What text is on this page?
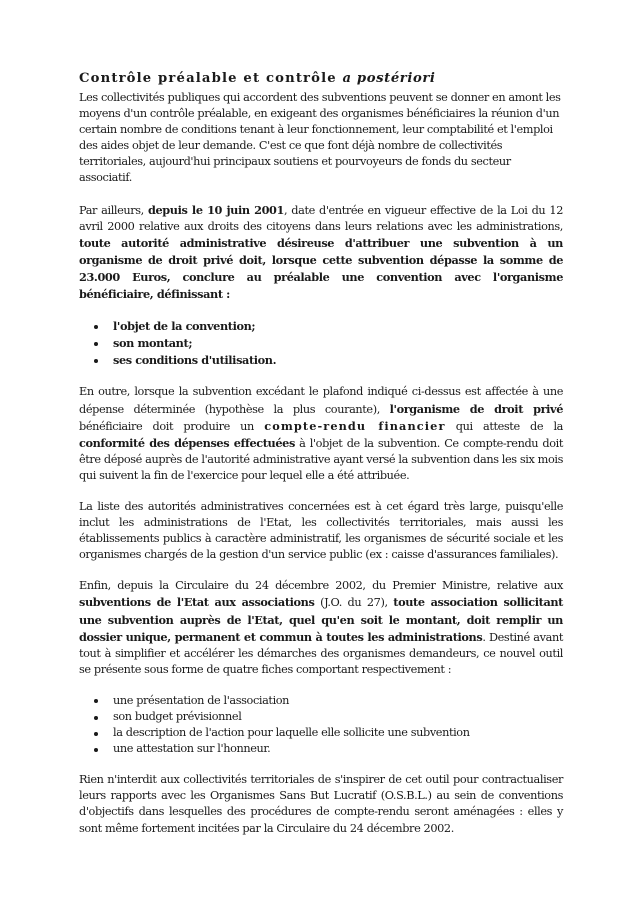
Contrôle préalable et contrôle a postériori

Les collectivités publiques qui accordent des subventions peuvent se donner en amont les moyens d'un contrôle préalable, en exigeant des organismes bénéficiaires la réunion d'un certain nombre de conditions tenant à leur fonctionnement, leur comptabilité et l'emploi des aides objet de leur demande. C'est ce que font déjà nombre de collectivités territoriales, aujourd'hui principaux soutiens et pourvoyeurs de fonds du secteur associatif.

Par ailleurs, depuis le 10 juin 2001, date d'entrée en vigueur effective de la Loi du 12 avril 2000 relative aux droits des citoyens dans leurs relations avec les administrations, toute autorité administrative désireuse d'attribuer une subvention à un organisme de droit privé doit, lorsque cette subvention dépasse la somme de 23.000 Euros, conclure au préalable une convention avec l'organisme bénéficiaire, définissant :

l'objet de la convention;
son montant;
ses conditions d'utilisation.

En outre, lorsque la subvention excédant le plafond indiqué ci-dessus est affectée à une dépense déterminée (hypothèse la plus courante), l'organisme de droit privé bénéficiaire doit produire un compte-rendu financier qui atteste de la conformité des dépenses effectuées à l'objet de la subvention. Ce compte-rendu doit être déposé auprès de l'autorité administrative ayant versé la subvention dans les six mois qui suivent la fin de l'exercice pour lequel elle a été attribuée.

La liste des autorités administratives concernées est à cet égard très large, puisqu'elle inclut les administrations de l'Etat, les collectivités territoriales, mais aussi les établissements publics à caractère administratif, les organismes de sécurité sociale et les organismes chargés de la gestion d'un service public (ex : caisse d'assurances familiales).

Enfin, depuis la Circulaire du 24 décembre 2002, du Premier Ministre, relative aux subventions de l'Etat aux associations (J.O. du 27), toute association sollicitant une subvention auprès de l'Etat, quel qu'en soit le montant, doit remplir un dossier unique, permanent et commun à toutes les administrations. Destiné avant tout à simplifier et accélérer les démarches des organismes demandeurs, ce nouvel outil se présente sous forme de quatre fiches comportant respectivement :

une présentation de l'association
son budget prévisionnel
la description de l'action pour laquelle elle sollicite une subvention
une attestation sur l'honneur.

Rien n'interdit aux collectivités territoriales de s'inspirer de cet outil pour contractualiser leurs rapports avec les Organismes Sans But Lucratif (O.S.B.L.) au sein de conventions d'objectifs dans lesquelles des procédures de compte-rendu seront aménagées : elles y sont même fortement incitées par la Circulaire du 24 décembre 2002.
